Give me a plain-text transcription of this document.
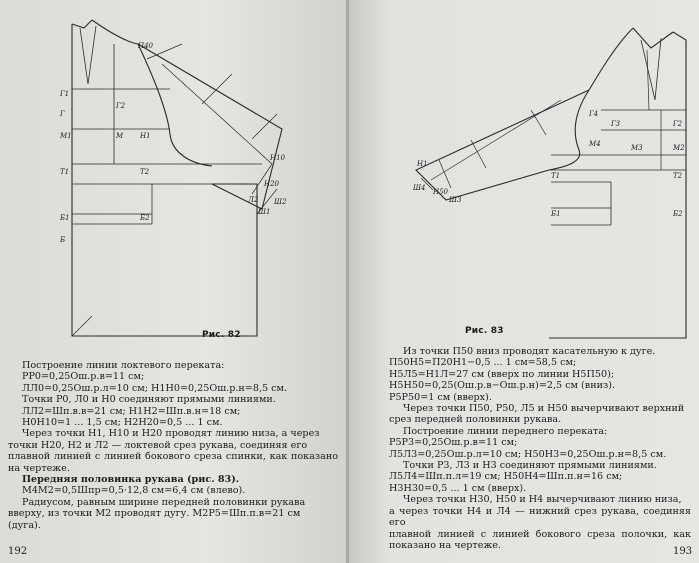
П40
Г1
Г
Г2
М1	М Н1
Т1	Т2
Б1	Б2
Б
Н10
Н20
Л2
Ш1
Ш2
Рис. 82

Построение линии локтевого переката:

РР0=0,25Ош.р.в=11 см;

ЛЛ0=0,25Ош.р.л=10 см; Н1Н0=0,25Ош.р.н=8,5 см.

Точки Р0, Л0 и Н0 соединяют прямыми линиями.

ЛЛ2=Шп.в.в=21 см; Н1Н2=Шп.в.н=18 см;

Н0Н10=1 ... 1,5 см; Н2Н20=0,5 ... 1 см.

Через точки Н1, Н10 и Н20 проводят линию низа, а через

точки Н20, Н2 и Л2 — локтевой срез рукава, соединяя его

плавной линией с линией бокового среза спинки, как показано на чертеже.

Передняя половинка рукава (рис. 83).

М4М2=0,5Шпр=0,5·12,8 см=6,4 см (влево).

Радиусом, равным ширине передней половинки рукава

вверху, из точки М2 проводят дугу. М2Р5=Шп.п.в=21 см

(дуга).

192
Г4
Г3	Г2
М4	М3	М2
Т1	Т2
Б1	Б2
Н1
Н50
Ш3
Ш4
Рис. 83

Из точки П50 вниз проводят касательную к дуге.

П50Н5=П20Н1−0,5 ... 1 см=58,5 см;

Н5Л5=Н1Л=27 см (вверх по линии Н5П50);

Н5Н50=0,25(Ош.р.в−Ош.р.н)=2,5 см (вниз).

Р5Р50=1 см (вверх).

Через точки П50, Р50, Л5 и Н50 вычерчивают верхний

срез передней половинки рукава.

Построение линии переднего переката:

Р5Р3=0,25Ош.р.в=11 см;

Л5Л3=0,25Ош.р.л=10 см; Н50Н3=0,25Ош.р.н=8,5 см.

Точки Р3, Л3 и Н3 соединяют прямыми линиями.

Л5Л4=Шп.п.л=19 см; Н50Н4=Шп.п.н=16 см;

Н3Н30=0,5 ... 1 см (вверх).

Через точки Н30, Н50 и Н4 вычерчивают линию низа,

а через точки Н4 и Л4 — нижний срез рукава, соединяя его

плавной линией с линией бокового среза полочки, как показано на чертеже.

193
